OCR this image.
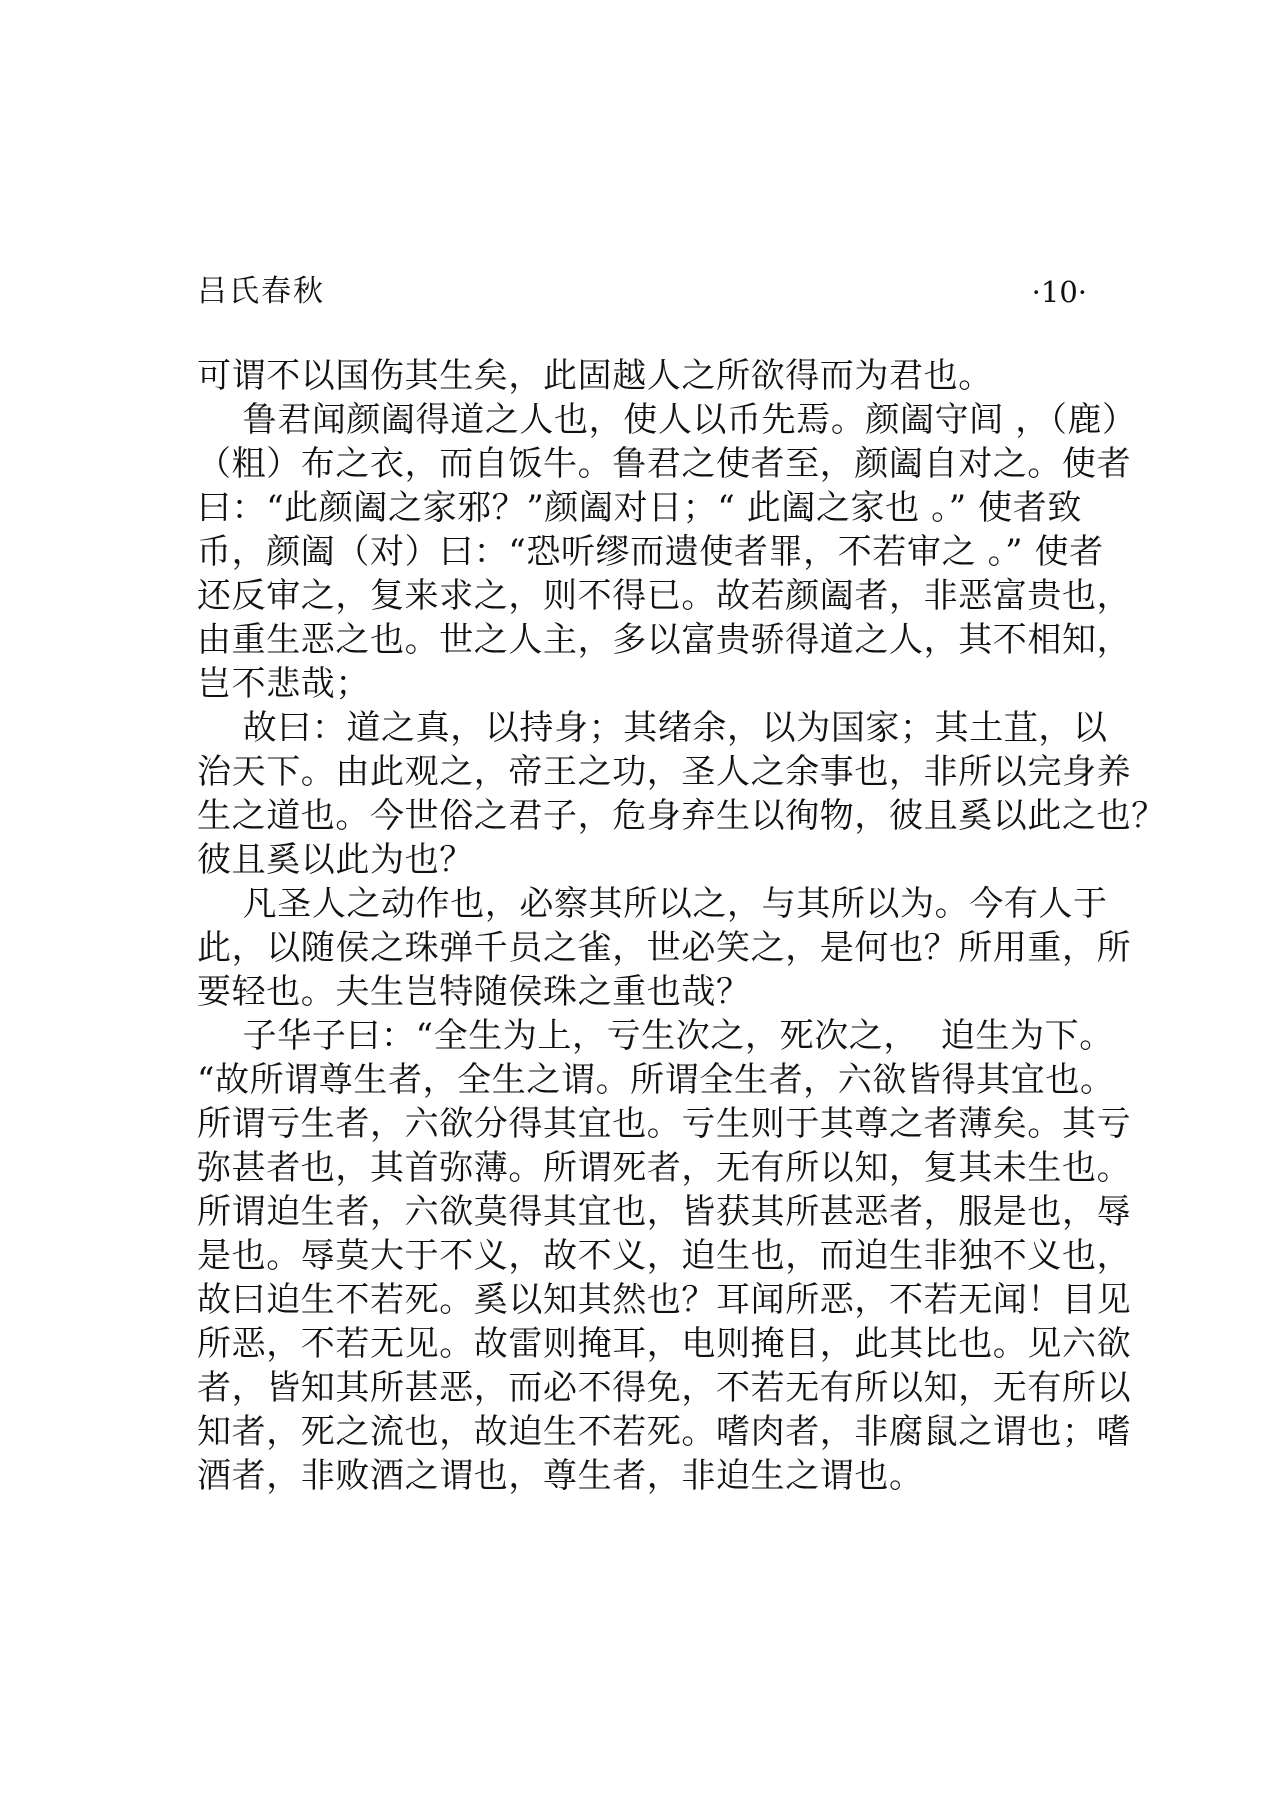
吕氏春秋	·10·
可谓不以国伤其生矣，此固越人之所欲得而为君也。
鲁君闻颜阖得道之人也，使人以币先焉。颜阖守闾 ，（鹿）
（粗）布之衣，而自饭牛。鲁君之使者至，颜阖自对之。使者
曰：“此颜阖之家邪？”颜阖对日；“ 此阖之家也 。” 使者致
币，颜阖（对）曰：“恐听缪而遗使者罪，不若审之 。” 使者
还反审之，复来求之，则不得已。故若颜阖者，非恶富贵也，
由重生恶之也。世之人主，多以富贵骄得道之人，其不相知，
岂不悲哉；
故曰：道之真，以持身；其绪余，以为国家；其土苴，以
治天下。由此观之，帝王之功，圣人之余事也，非所以完身养
生之道也。今世俗之君子，危身弃生以徇物，彼且奚以此之也？
彼且奚以此为也？
凡圣人之动作也，必察其所以之，与其所以为。今有人于
此，以随侯之珠弹千员之雀，世必笑之，是何也？所用重，所
要轻也。夫生岂特随侯珠之重也哉？
子华子曰：“全生为上，亏生次之，死次之，  迫生为下。
“故所谓尊生者，全生之谓。所谓全生者，六欲皆得其宜也。
所谓亏生者，六欲分得其宜也。亏生则于其尊之者薄矣。其亏
弥甚者也，其首弥薄。所谓死者，无有所以知，复其未生也。
所谓迫生者，六欲莫得其宜也，皆获其所甚恶者，服是也，辱
是也。辱莫大于不义，故不义，迫生也，而迫生非独不义也，
故曰迫生不若死。奚以知其然也？耳闻所恶，不若无闻！目见
所恶，不若无见。故雷则掩耳，电则掩目，此其比也。见六欲
者，皆知其所甚恶，而必不得免，不若无有所以知，无有所以
知者，死之流也，故迫生不若死。嗜肉者，非腐鼠之谓也；嗜
酒者，非败酒之谓也，尊生者，非迫生之谓也。
